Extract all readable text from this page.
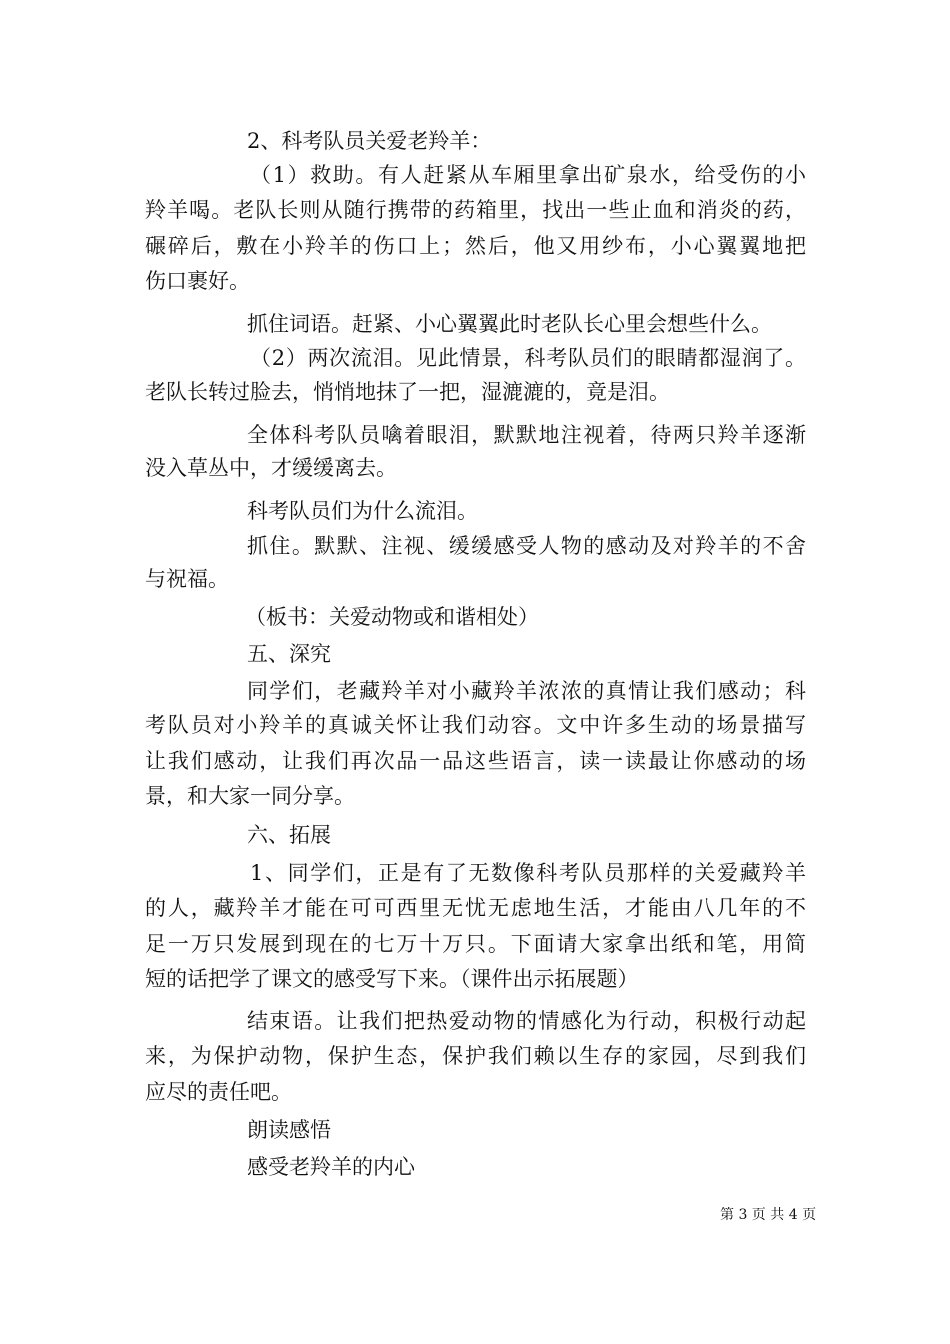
2、科考队员关爱老羚羊：
（1）救助。有人赶紧从车厢里拿出矿泉水，给受伤的小
羚羊喝。老队长则从随行携带的药箱里，找出一些止血和消炎的药，
碾碎后，敷在小羚羊的伤口上；然后，他又用纱布，小心翼翼地把
伤口裹好。
抓住词语。赶紧、小心翼翼此时老队长心里会想些什么。
（2）两次流泪。见此情景，科考队员们的眼睛都湿润了。
老队长转过脸去，悄悄地抹了一把，湿漉漉的，竟是泪。
全体科考队员噙着眼泪，默默地注视着，待两只羚羊逐渐
没入草丛中，才缓缓离去。
科考队员们为什么流泪。
抓住。默默、注视、缓缓感受人物的感动及对羚羊的不舍
与祝福。
（板书：关爱动物或和谐相处）
五、深究
同学们，老藏羚羊对小藏羚羊浓浓的真情让我们感动；科
考队员对小羚羊的真诚关怀让我们动容。文中许多生动的场景描写
让我们感动，让我们再次品一品这些语言，读一读最让你感动的场
景，和大家一同分享。
六、拓展
1、同学们，正是有了无数像科考队员那样的关爱藏羚羊
的人，藏羚羊才能在可可西里无忧无虑地生活，才能由八几年的不
足一万只发展到现在的七万十万只。下面请大家拿出纸和笔，用简
短的话把学了课文的感受写下来。（课件出示拓展题）
结束语。让我们把热爱动物的情感化为行动，积极行动起
来，为保护动物，保护生态，保护我们赖以生存的家园，尽到我们
应尽的责任吧。
朗读感悟
感受老羚羊的内心
第 3 页 共 4 页
